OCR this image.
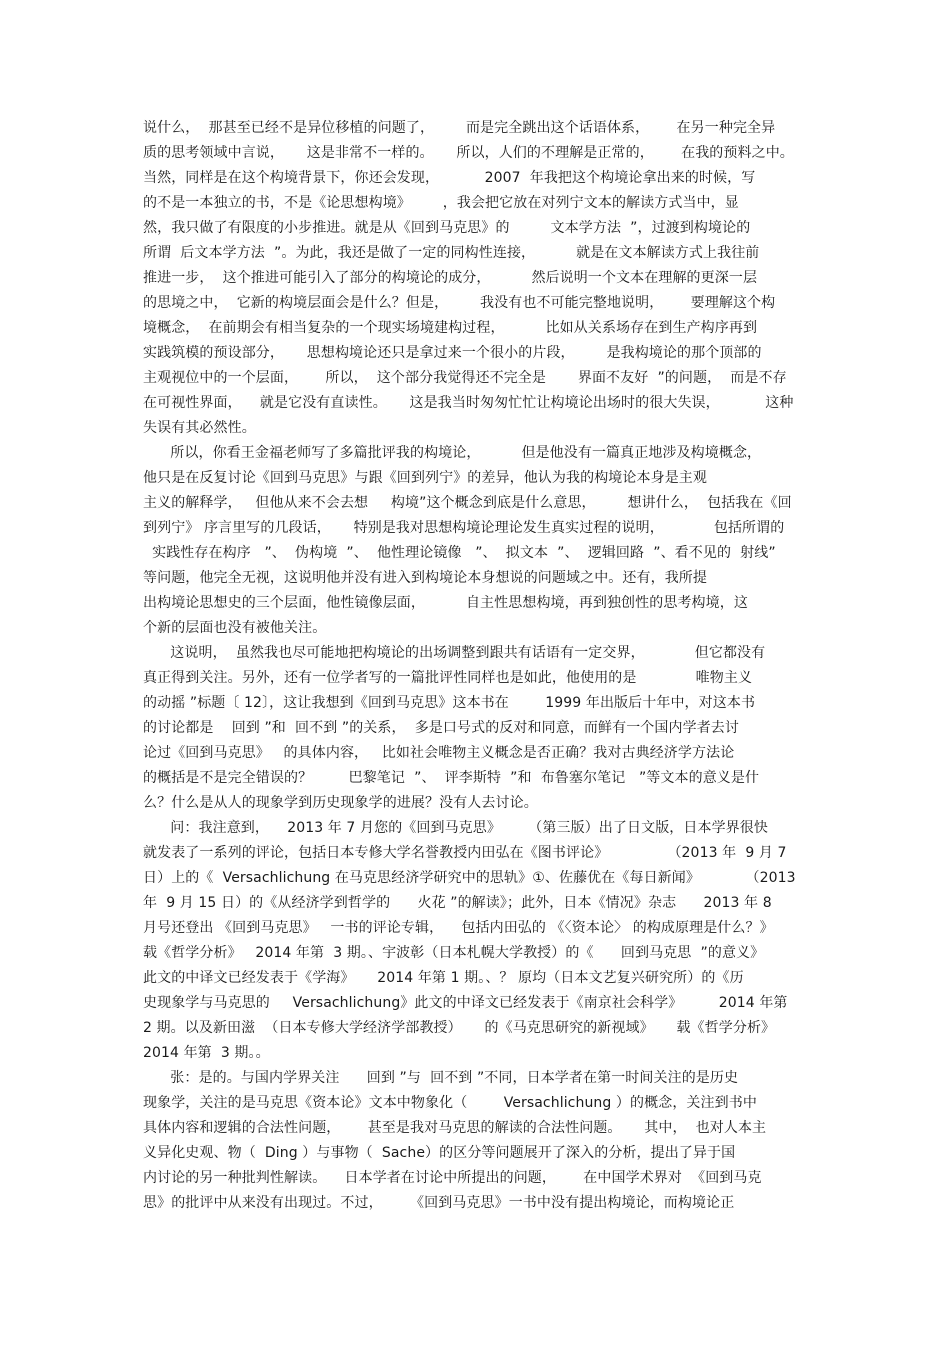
说什么，  那甚至已经不是异位移植的问题了，       而是完全跳出这个话语体系，      在另一种完全异
质的思考领域中言说，     这是非常不一样的。     所以，人们的不理解是正常的，      在我的预料之中。
当然，同样是在这个构境背景下，你还会发现，          2007  年我把这个构境论拿出来的时候，写
的不是一本独立的书，不是《论思想构境》       ，我会把它放在对列宁文本的解读方式当中，显
然，我只做了有限度的小步推进。就是从《回到马克思》的         文本学方法  ”，过渡到构境论的
所谓  后文本学方法  ”。为此，我还是做了一定的同构性连接，         就是在文本解读方式上我往前
推进一步，  这个推进可能引入了部分的构境论的成分，         然后说明一个文本在理解的更深一层
的思境之中，  它新的构境层面会是什么？但是，       我没有也不可能完整地说明，      要理解这个构
境概念，  在前期会有相当复杂的一个现实场境建构过程，         比如从关系场存在到生产构序再到
实践筑模的预设部分，     思想构境论还只是拿过来一个很小的片段，       是我构境论的那个顶部的
主观视位中的一个层面，      所以，  这个部分我觉得还不完全是       界面不友好  ”的问题，  而是不存
在可视性界面，    就是它没有直读性。     这是我当时匆匆忙忙让构境论出场时的很大失误，          这种
失误有其必然性。
所以，你看王金福老师写了多篇批评我的构境论，         但是他没有一篇真正地涉及构境概念，
他只是在反复讨论《回到马克思》与跟《回到列宁》的差异，他认为我的构境论本身是主观
主义的解释学，   但他从来不会去想     构境”这个概念到底是什么意思，       想讲什么，  包括我在《回
到列宁》 序言里写的几段话，     特别是我对思想构境论理论发生真实过程的说明，           包括所谓的
实践性存在构序   ”、  伪构境  ”、  他性理论镜像   ”、  拟文本  ”、  逻辑回路  ”、看不见的  射线”
等问题，他完全无视，这说明他并没有进入到构境论本身想说的问题域之中。还有，我所提
出构境论思想史的三个层面，他性镜像层面，         自主性思想构境，再到独创性的思考构境，这
个新的层面也没有被他关注。
这说明，  虽然我也尽可能地把构境论的出场调整到跟共有话语有一定交界，           但它都没有
真正得到关注。另外，还有一位学者写的一篇批评性同样也是如此，他使用的是             唯物主义
的动摇 ”标题〔 12〕，这让我想到《回到马克思》这本书在        1999 年出版后十年中，对这本书
的讨论都是    回到 ”和  回不到 ”的关系，  多是口号式的反对和同意，而鲜有一个国内学者去讨
论过《回到马克思》   的具体内容，   比如社会唯物主义概念是否正确？我对古典经济学方法论
的概括是不是完全错误的？        巴黎笔记  ”、  评李斯特  ”和  布鲁塞尔笔记   ”等文本的意义是什
么？什么是从人的现象学到历史现象学的进展？没有人去讨论。
问：我注意到，    2013 年 7 月您的《回到马克思》      （第三版）出了日文版，日本学界很快
就发表了一系列的评论，包括日本专修大学名誉教授内田弘在《图书评论》             （2013 年  9 月 7
日）上的《  Versachlichung 在马克思经济学研究中的思轨》①、佐藤优在《每日新闻》          （2013
年  9 月 15 日）的《从经济学到哲学的      火花 ”的解读》；此外，日本《情况》杂志      2013 年 8
月号还登出 《回到马克思》   一书的评论专辑，    包括内田弘的 《〈资本论〉 的构成原理是什么？》
载《哲学分析》   2014 年第  3 期。、宇波彰（日本札幌大学教授）的《      回到马克思  ”的意义》
此文的中译文已经发表于《学海》     2014 年第 1 期。、？ 原均（日本文艺复兴研究所）的《历
史现象学与马克思的     Versachlichung》此文的中译文已经发表于《南京社会科学》        2014 年第
2 期。以及新田滋  （日本专修大学经济学部教授）     的《马克思研究的新视域》     载《哲学分析》
2014 年第  3 期。。
张：是的。与国内学界关注      回到 ”与  回不到 ”不同，日本学者在第一时间关注的是历史
现象学，关注的是马克思《资本论》文本中物象化（        Versachlichung ）的概念，关注到书中
具体内容和逻辑的合法性问题，      甚至是我对马克思的解读的合法性问题。     其中，  也对人本主
义异化史观、物（  Ding ）与事物（  Sache）的区分等问题展开了深入的分析，提出了异于国
内讨论的另一种批判性解读。    日本学者在讨论中所提出的问题，      在中国学术界对  《回到马克
思》的批评中从来没有出现过。不过，      《回到马克思》一书中没有提出构境论，而构境论正
